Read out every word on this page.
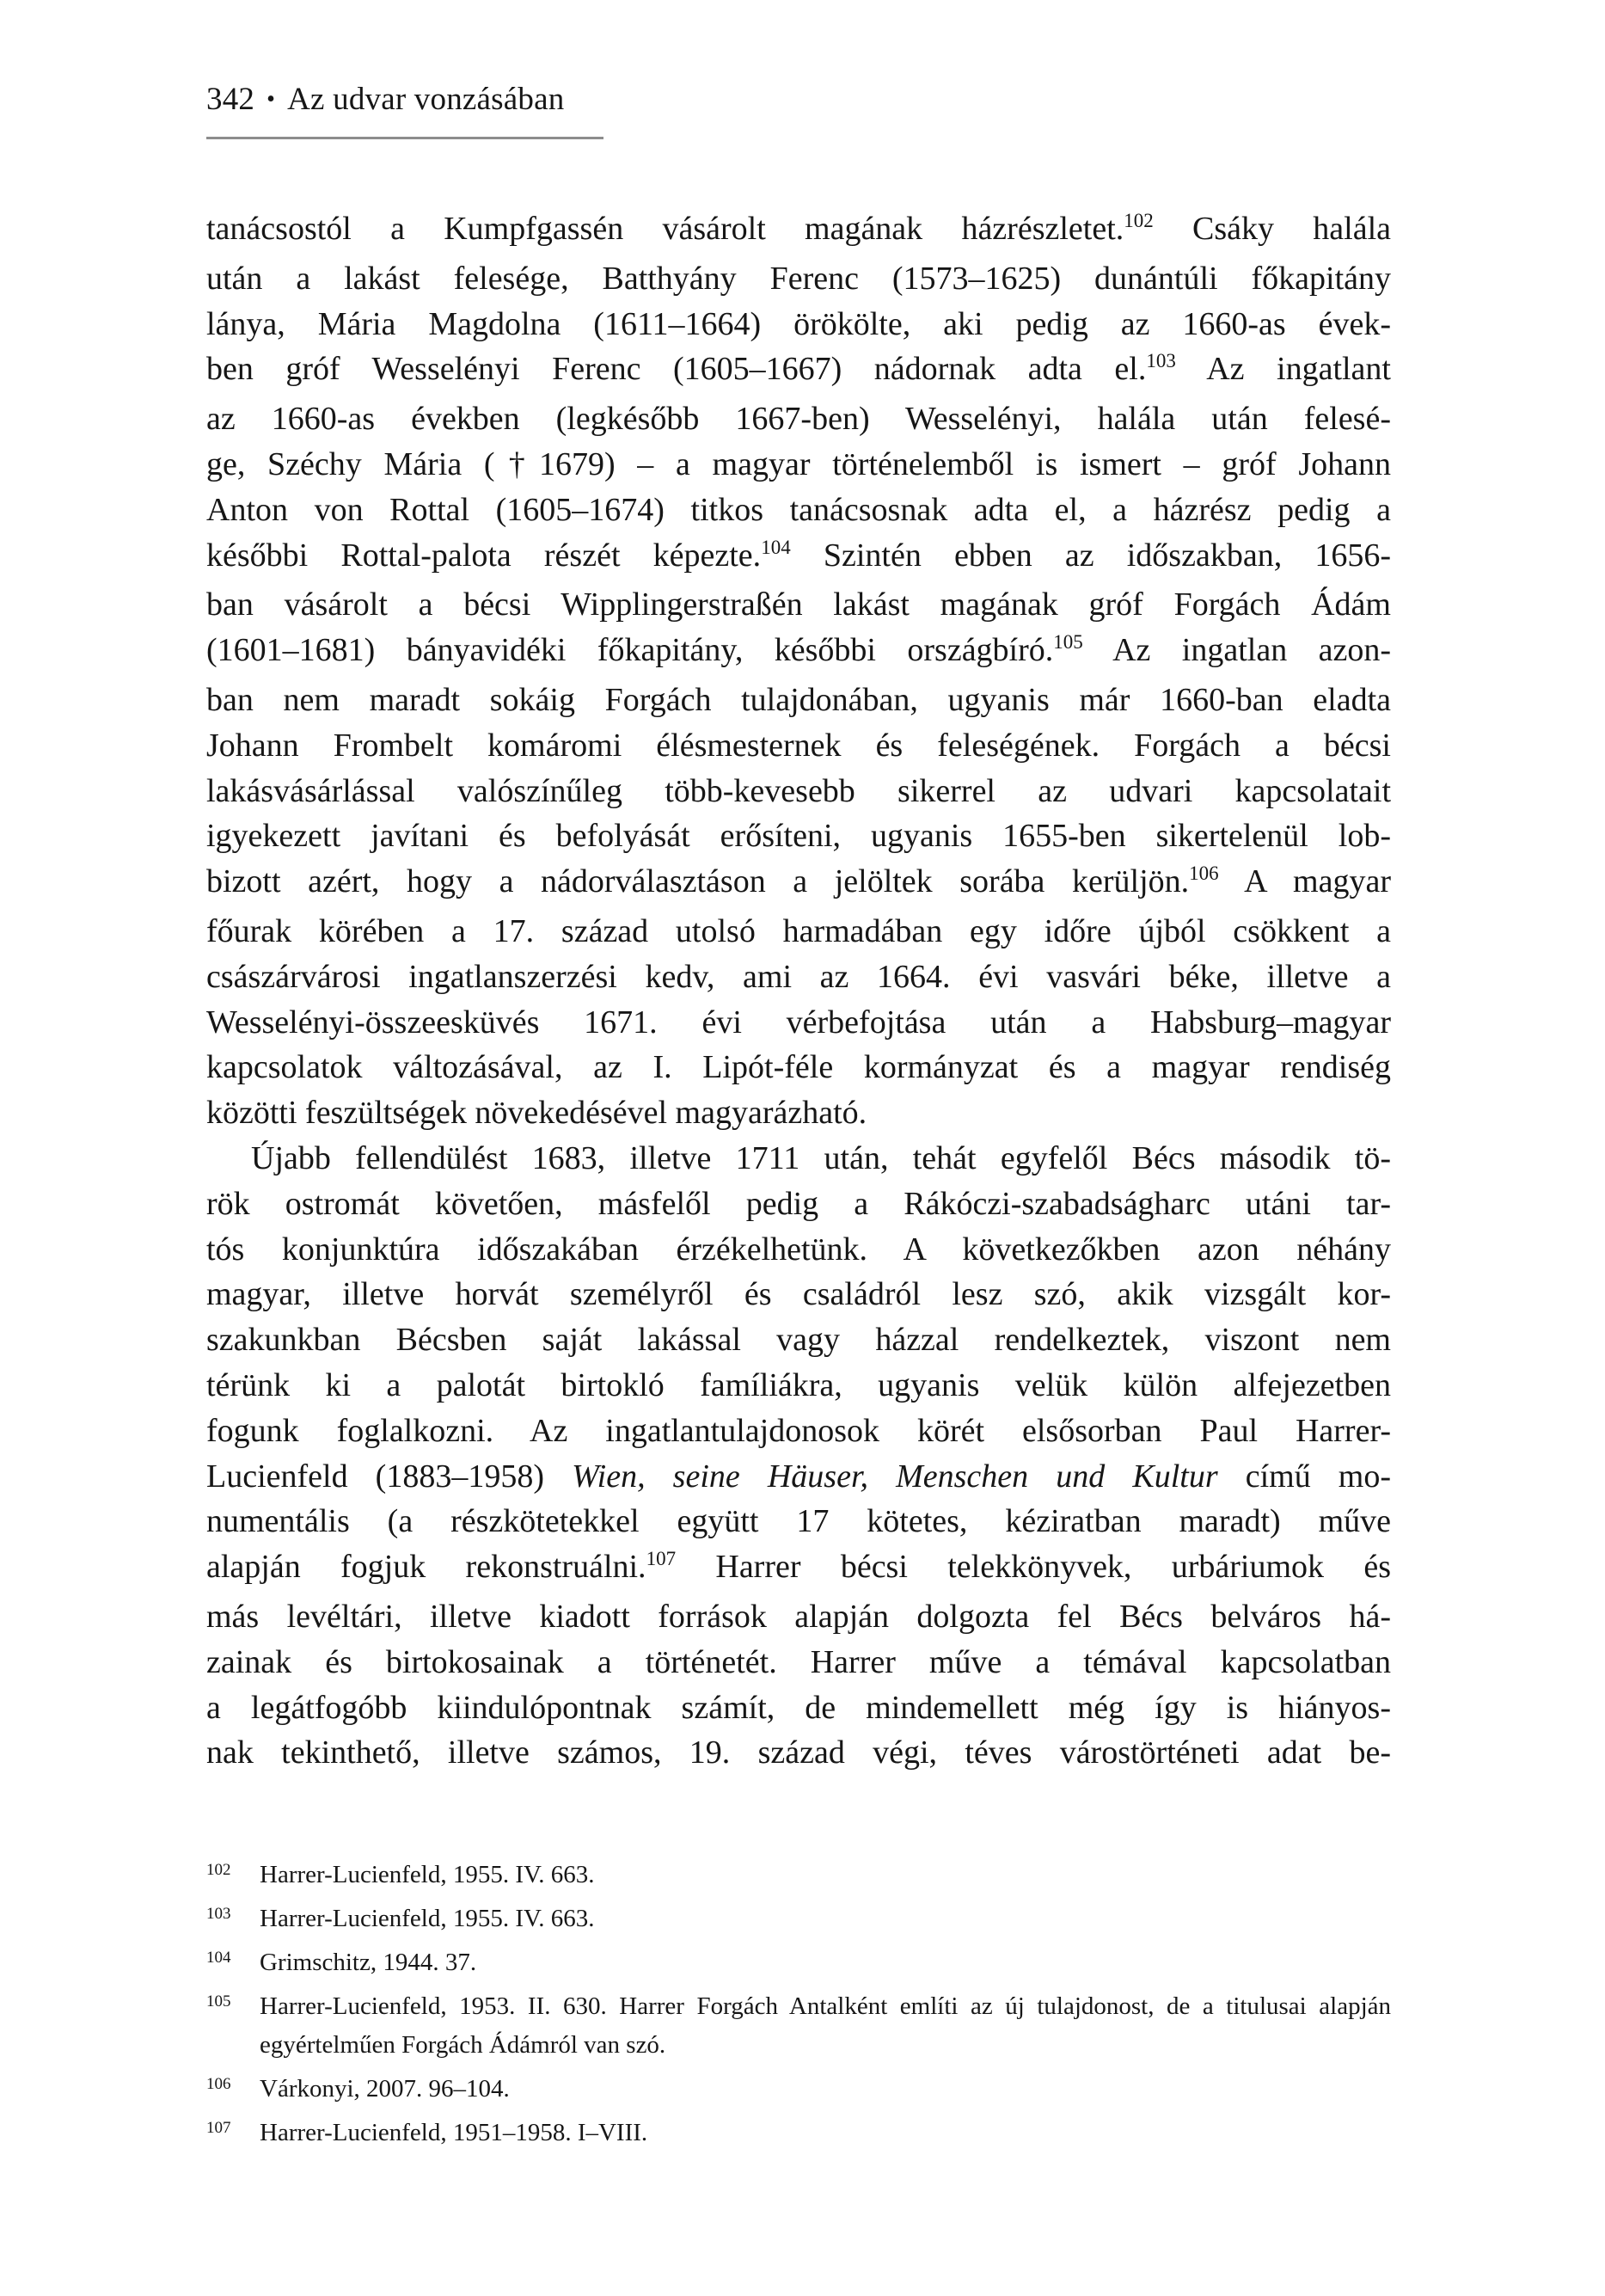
342 • Az udvar vonzásában
tanácsostól a Kumpfgassén vásárolt magának házrészletet.$^{102}$ Csáky halála
után a lakást felesége, Batthyány Ferenc (1573–1625) dunántúli főkapitány
lánya, Mária Magdolna (1611–1664) örökölte, aki pedig az 1660-as évek-
ben gróf Wesselényi Ferenc (1605–1667) nádornak adta el.$^{103}$ Az ingatlant
az 1660-as években (legkésőbb 1667-ben) Wesselényi, halála után felesé-
ge, Széchy Mária (†1679) – a magyar történelemből is ismert – gróf Johann
Anton von Rottal (1605–1674) titkos tanácsosnak adta el, a házrész pedig a
későbbi Rottal-palota részét képezte.$^{104}$ Szintén ebben az időszakban, 1656-
ban vásárolt a bécsi Wipplingerstraßén lakást magának gróf Forgách Ádám
(1601–1681) bányavidéki főkapitány, későbbi országbíró.$^{105}$ Az ingatlan azon-
ban nem maradt sokáig Forgách tulajdonában, ugyanis már 1660-ban eladta
Johann Frombelt komáromi élésmesternek és feleségének. Forgách a bécsi
lakásvásárlással valószínűleg több-kevesebb sikerrel az udvari kapcsolatait
igyekezett javítani és befolyását erősíteni, ugyanis 1655-ben sikertelenül lob-
bizott azért, hogy a nádorválasztáson a jelöltek sorába kerüljön.$^{106}$ A magyar
főurak körében a 17. század utolsó harmadában egy időre újból csökkent a
császárvárosi ingatlanszerzési kedv, ami az 1664. évi vasvári béke, illetve a
Wesselényi-összeesküvés 1671. évi vérbefojtása után a Habsburg–magyar
kapcsolatok változásával, az I. Lipót-féle kormányzat és a magyar rendiség
közötti feszültségek növekedésével magyarázható.
Újabb fellendülést 1683, illetve 1711 után, tehát egyfelől Bécs második tö-
rök ostromát követően, másfelől pedig a Rákóczi-szabadságharc utáni tar-
tós konjunktúra időszakában érzékelhetünk. A következőkben azon néhány
magyar, illetve horvát személyről és családról lesz szó, akik vizsgált kor-
szakunkban Bécsben saját lakással vagy házzal rendelkeztek, viszont nem
térünk ki a palotát birtokló famíliákra, ugyanis velük külön alfejezetben
fogunk foglalkozni. Az ingatlantulajdonosok körét elsősorban Paul Harrer-
Lucienfeld (1883–1958) Wien, seine Häuser, Menschen und Kultur című mo-
numentális (a részkötetekkel együtt 17 kötetes, kéziratban maradt) műve
alapján fogjuk rekonstruálni.$^{107}$ Harrer bécsi telekkönyvek, urbáriumok és
más levéltári, illetve kiadott források alapján dolgozta fel Bécs belváros há-
zainak és birtokosainak a történetét. Harrer műve a témával kapcsolatban
a legátfogóbb kiindulópontnak számít, de mindemellett még így is hiányos-
nak tekinthető, illetve számos, 19. század végi, téves várostörténeti adat be-
102 Harrer-Lucienfeld, 1955. IV. 663.
103 Harrer-Lucienfeld, 1955. IV. 663.
104 Grimschitz, 1944. 37.
105 Harrer-Lucienfeld, 1953. II. 630. Harrer Forgách Antalként említi az új tulajdonost, de a titulusai alapján egyértelműen Forgách Ádámról van szó.
106 Várkonyi, 2007. 96–104.
107 Harrer-Lucienfeld, 1951–1958. I–VIII.
